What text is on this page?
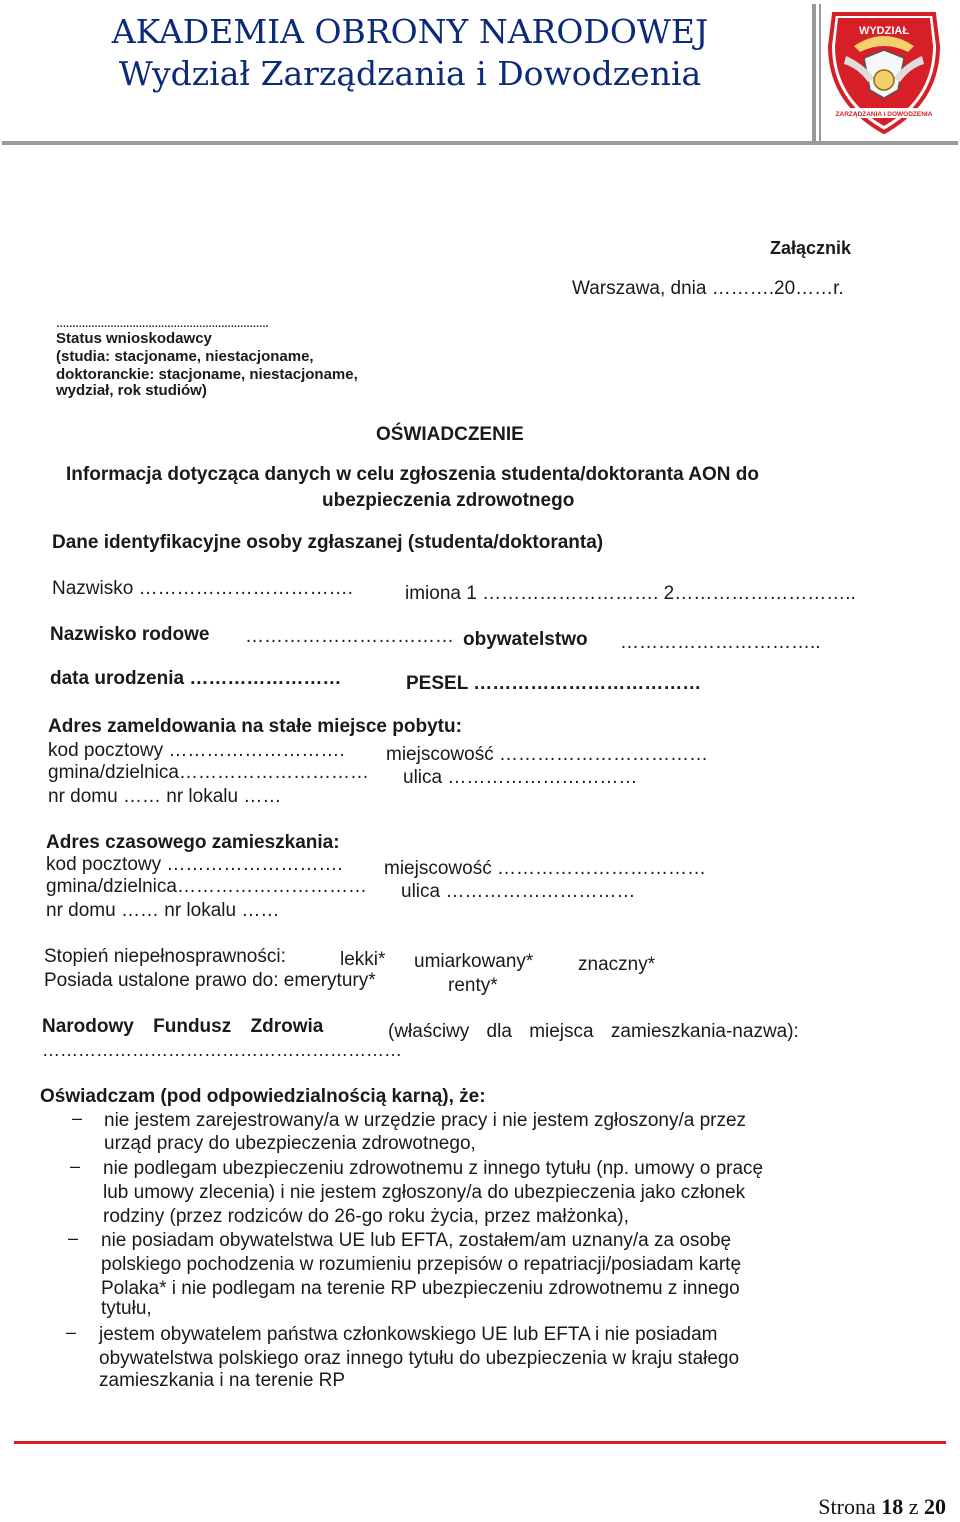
AKADEMIA OBRONY NARODOWEJ
Wydział Zarządzania i Dowodzenia
WYDZIAŁ
ZARZĄDZANIA I DOWODZENIA
Załącznik
Warszawa, dnia ……….20……r.
...................................................................
Status wnioskodawcy
(studia: stacjoname, niestacjoname,
doktoranckie: stacjoname, niestacjoname,
wydział, rok studiów)
OŚWIADCZENIE
Informacja dotycząca danych w celu zgłoszenia studenta/doktoranta AON do
ubezpieczenia zdrowotnego
Dane identyfikacyjne osoby zgłaszanej (studenta/doktoranta)
Nazwisko …………………………….	imiona 1 ………………………. 2………………………..
Nazwisko rodowe …………………………… obywatelstwo …………………………..
data urodzenia ……………………	PESEL ………………………………
Adres zameldowania na stałe miejsce pobytu:
kod pocztowy ………………………. miejscowość ……………………………
gmina/dzielnica………………………… ulica …………………………
nr domu …… nr lokalu ……
Adres czasowego zamieszkania:
kod pocztowy ………………………. miejscowość ……………………………
gmina/dzielnica………………………… ulica …………………………
nr domu …… nr lokalu ……
Stopień niepełnosprawności:	lekki* umiarkowany* znaczny*
Posiada ustalone prawo do: emerytury*	renty*
Narodowy Fundusz Zdrowia	(właściwy dla miejsca zamieszkania-nazwa):
……………………………………………………
Oświadczam (pod odpowiedzialnością karną), że:
– nie jestem zarejestrowany/a w urzędzie pracy i nie jestem zgłoszony/a przez
urząd pracy do ubezpieczenia zdrowotnego,
– nie podlegam ubezpieczeniu zdrowotnemu z innego tytułu (np. umowy o pracę
lub umowy zlecenia) i nie jestem zgłoszony/a do ubezpieczenia jako członek
rodziny (przez rodziców do 26-go roku życia, przez małżonka),
– nie posiadam obywatelstwa UE lub EFTA, zostałem/am uznany/a za osobę
polskiego pochodzenia w rozumieniu przepisów o repatriacji/posiadam kartę
Polaka* i nie podlegam na terenie RP ubezpieczeniu zdrowotnemu z innego
tytułu,
– jestem obywatelem państwa członkowskiego UE lub EFTA i nie posiadam
obywatelstwa polskiego oraz innego tytułu do ubezpieczenia w kraju stałego
zamieszkania i na terenie RP
Strona 18 z 20
